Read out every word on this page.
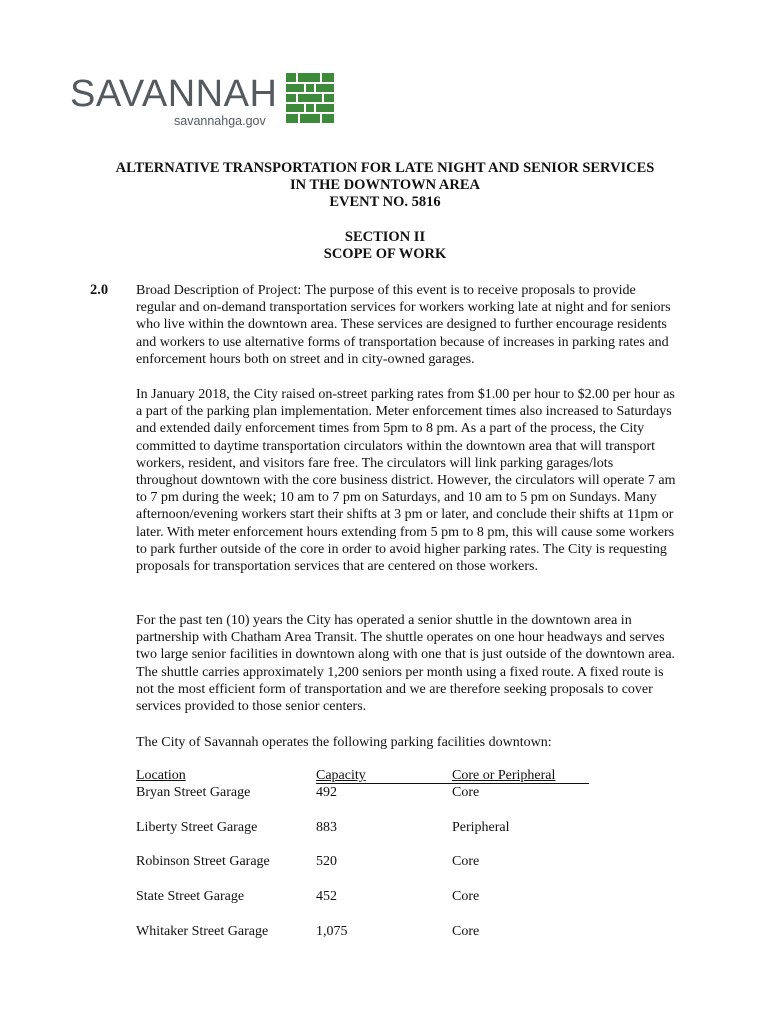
SAVANNAH
savannahga.gov
ALTERNATIVE TRANSPORTATION FOR LATE NIGHT AND SENIOR SERVICES
IN THE DOWNTOWN AREA
EVENT NO. 5816
SECTION II
SCOPE OF WORK
2.0 Broad Description of Project: The purpose of this event is to receive proposals to provide regular and on-demand transportation services for workers working late at night and for seniors who live within the downtown area. These services are designed to further encourage residents and workers to use alternative forms of transportation because of increases in parking rates and enforcement hours both on street and in city-owned garages.

In January 2018, the City raised on-street parking rates from $1.00 per hour to $2.00 per hour as a part of the parking plan implementation. Meter enforcement times also increased to Saturdays and extended daily enforcement times from 5pm to 8 pm. As a part of the process, the City committed to daytime transportation circulators within the downtown area that will transport workers, resident, and visitors fare free. The circulators will link parking garages/lots throughout downtown with the core business district. However, the circulators will operate 7 am to 7 pm during the week; 10 am to 7 pm on Saturdays, and 10 am to 5 pm on Sundays. Many afternoon/evening workers start their shifts at 3 pm or later, and conclude their shifts at 11pm or later. With meter enforcement hours extending from 5 pm to 8 pm, this will cause some workers to park further outside of the core in order to avoid higher parking rates. The City is requesting proposals for transportation services that are centered on those workers.

For the past ten (10) years the City has operated a senior shuttle in the downtown area in partnership with Chatham Area Transit. The shuttle operates on one hour headways and serves two large senior facilities in downtown along with one that is just outside of the downtown area. The shuttle carries approximately 1,200 seniors per month using a fixed route. A fixed route is not the most efficient form of transportation and we are therefore seeking proposals to cover services provided to those senior centers.

The City of Savannah operates the following parking facilities downtown:

Location	Capacity	Core or Peripheral
Bryan Street Garage	492	Core
Liberty Street Garage	883	Peripheral
Robinson Street Garage	520	Core
State Street Garage	452	Core
Whitaker Street Garage	1,075	Core
